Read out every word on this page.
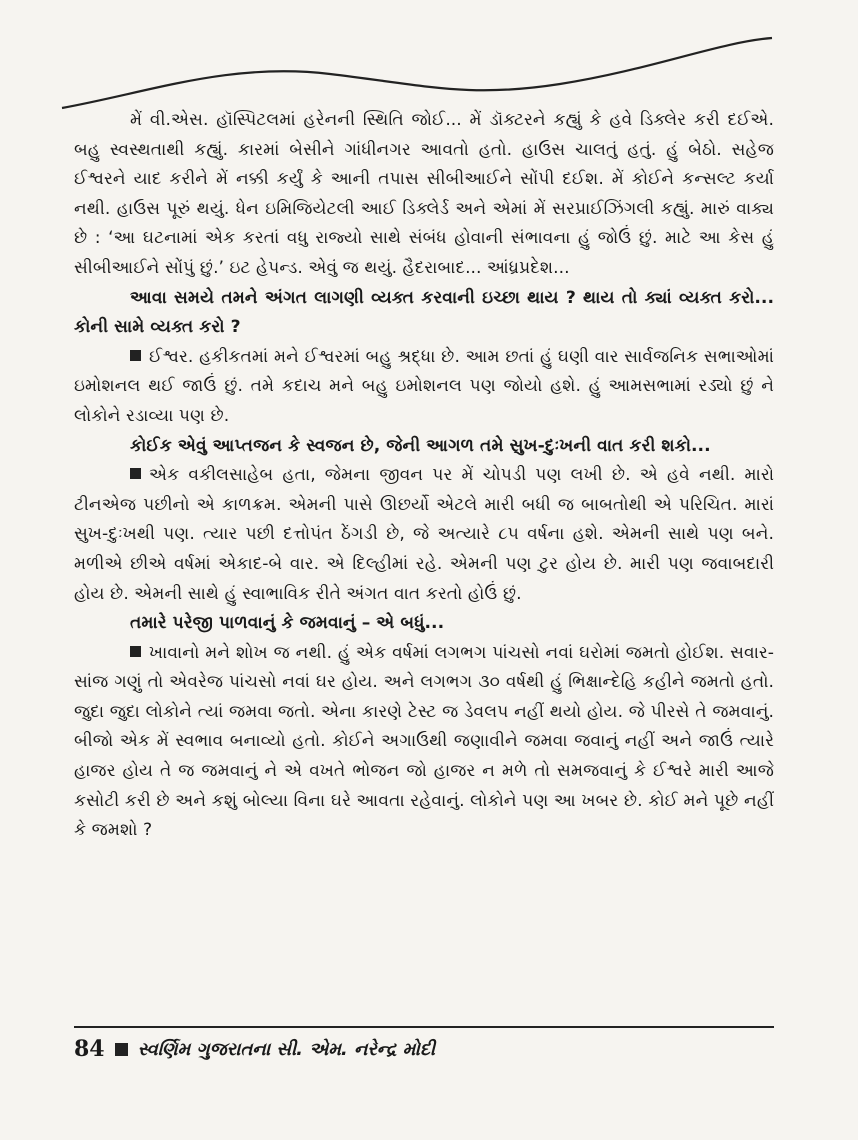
મેં વી.એસ. હૉસ્પિટલમાં હરેનની સ્થિતિ જોઈ... મેં ડૉક્ટરને કહ્યું કે હવે ડિક્લેર કરી દઈએ. બહુ સ્વસ્થતાથી કહ્યું. કારમાં બેસીને ગાંધીનગર આવતો હતો. હાઉસ ચાલતું હતું. હું બેઠો. સહેજ ઈશ્વરને યાદ કરીને મેં નક્કી કર્યું કે આની તપાસ સીબીઆઈને સોંપી દઈશ. મેં કોઈને કન્સલ્ટ કર્યા નથી. હાઉસ પૂરું થયું. ધેન ઇમિજિયેટલી આઈ ડિક્લેર્ડ અને એમાં મેં સરપ્રાઈઝિંગલી કહ્યું. મારું વાક્ય છે : ‘આ ઘટનામાં એક કરતાં વધુ રાજ્યો સાથે સંબંધ હોવાની સંભાવના હું જોઉં છું. માટે આ કેસ હું સીબીઆઈને સોંપું છું.’ ઇટ હેપન્ડ. એવું જ થયું. હૈદરાબાદ... આંધ્રપ્રદેશ...

આવા સમયે તમને અંગત લાગણી વ્યક્ત કરવાની ઇચ્છા થાય ? થાય તો ક્યાં વ્યક્ત કરો... કોની સામે વ્યક્ત કરો ?

ઈશ્વર. હકીકતમાં મને ઈશ્વરમાં બહુ શ્રદ્ધા છે. આમ છતાં હું ઘણી વાર સાર્વજનિક સભાઓમાં ઇમોશનલ થઈ જાઉં છું. તમે કદાચ મને બહુ ઇમોશનલ પણ જોયો હશે. હું આમસભામાં રડ્યો છું ને લોકોને રડાવ્યા પણ છે.

કોઈક એવું આપ્તજન કે સ્વજન છે, જેની આગળ તમે સુખ-દુઃખની વાત કરી શકો...

એક વકીલસાહેબ હતા, જેમના જીવન પર મેં ચોપડી પણ લખી છે. એ હવે નથી. મારો ટીનએજ પછીનો એ કાળક્રમ. એમની પાસે ઊછર્યો એટલે મારી બધી જ બાબતોથી એ પરિચિત. મારાં સુખ-દુઃખથી પણ. ત્યાર પછી દત્તોપંત ઠેંગડી છે, જે અત્યારે ૮૫ વર્ષના હશે. એમની સાથે પણ બને. મળીએ છીએ વર્ષમાં એકાદ-બે વાર. એ દિલ્હીમાં રહે. એમની પણ ટુર હોય છે. મારી પણ જવાબદારી હોય છે. એમની સાથે હું સ્વાભાવિક રીતે અંગત વાત કરતો હોઉં છું.

તમારે પરેજી પાળવાનું કે જમવાનું – એ બધું...

ખાવાનો મને શોખ જ નથી. હું એક વર્ષમાં લગભગ પાંચસો નવાં ઘરોમાં જમતો હોઈશ. સવાર-સાંજ ગણું તો એવરેજ પાંચસો નવાં ઘર હોય. અને લગભગ ૩૦ વર્ષથી હું ભિક્ષાન્દેહિ કહીને જમતો હતો. જુદા જુદા લોકોને ત્યાં જમવા જતો. એના કારણે ટેસ્ટ જ ડેવલપ નહીં થયો હોય. જે પીરસે તે જમવાનું. બીજો એક મેં સ્વભાવ બનાવ્યો હતો. કોઈને અગાઉથી જણાવીને જમવા જવાનું નહીં અને જાઉં ત્યારે હાજર હોય તે જ જમવાનું ને એ વખતે ભોજન જો હાજર ન મળે તો સમજવાનું કે ઈશ્વરે મારી આજે કસોટી કરી છે અને કશું બોલ્યા વિના ઘરે આવતા રહેવાનું. લોકોને પણ આ ખબર છે. કોઈ મને પૂછે નહીં કે જમશો ?

84 સ્વર્ણિમ ગુજરાતના સી. એમ. નરેન્દ્ર મોદી
